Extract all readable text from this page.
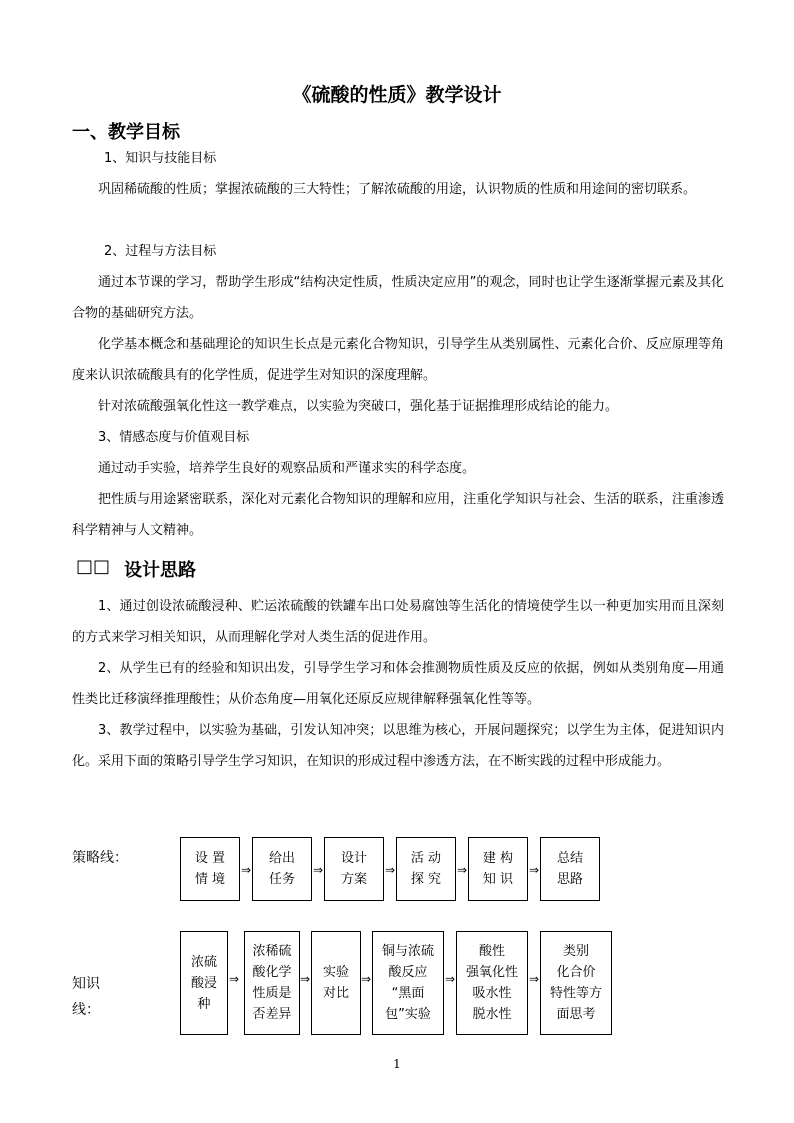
《硫酸的性质》教学设计
一、教学目标
1、知识与技能目标
巩固稀硫酸的性质；掌握浓硫酸的三大特性；了解浓硫酸的用途，认识物质的性质和用途间的密切联系。
2、过程与方法目标
通过本节课的学习，帮助学生形成“结构决定性质，性质决定应用”的观念，同时也让学生逐渐掌握元素及其化合物的基础研究方法。
化学基本概念和基础理论的知识生长点是元素化合物知识，引导学生从类别属性、元素化合价、反应原理等角度来认识浓硫酸具有的化学性质，促进学生对知识的深度理解。
针对浓硫酸强氧化性这一教学难点，以实验为突破口，强化基于证据推理形成结论的能力。
3、情感态度与价值观目标
通过动手实验，培养学生良好的观察品质和严谨求实的科学态度。
把性质与用途紧密联系，深化对元素化合物知识的理解和应用，注重化学知识与社会、生活的联系，注重渗透科学精神与人文精神。
□□ 设计思路
1、通过创设浓硫酸浸种、贮运浓硫酸的铁罐车出口处易腐蚀等生活化的情境使学生以一种更加实用而且深刻的方式来学习相关知识，从而理解化学对人类生活的促进作用。
2、从学生已有的经验和知识出发，引导学生学习和体会推测物质性质及反应的依据，例如从类别角度—用通性类比迁移演绎推理酸性；从价态角度—用氧化还原反应规律解释强氧化性等等。
3、教学过程中，以实验为基础，引发认知冲突；以思维为核心，开展问题探究；以学生为主体，促进知识内化。采用下面的策略引导学生学习知识，在知识的形成过程中渗透方法，在不断实践的过程中形成能力。
策略线：	设 置
情 境
给出
任务
设计
方案
活 动
探 究
建 构
知 识
总结
思路
⇒	⇒	⇒	⇒	⇒
知识
线：
浓硫
酸浸
种
浓稀硫
酸化学
性质是
否差异
实验
对比
铜与浓硫
酸反应
“黑面
包”实验
酸性
强氧化性
吸水性
脱水性
类别
化合价
特性等方
面思考
⇒	⇒	⇒	⇒	⇒
1
